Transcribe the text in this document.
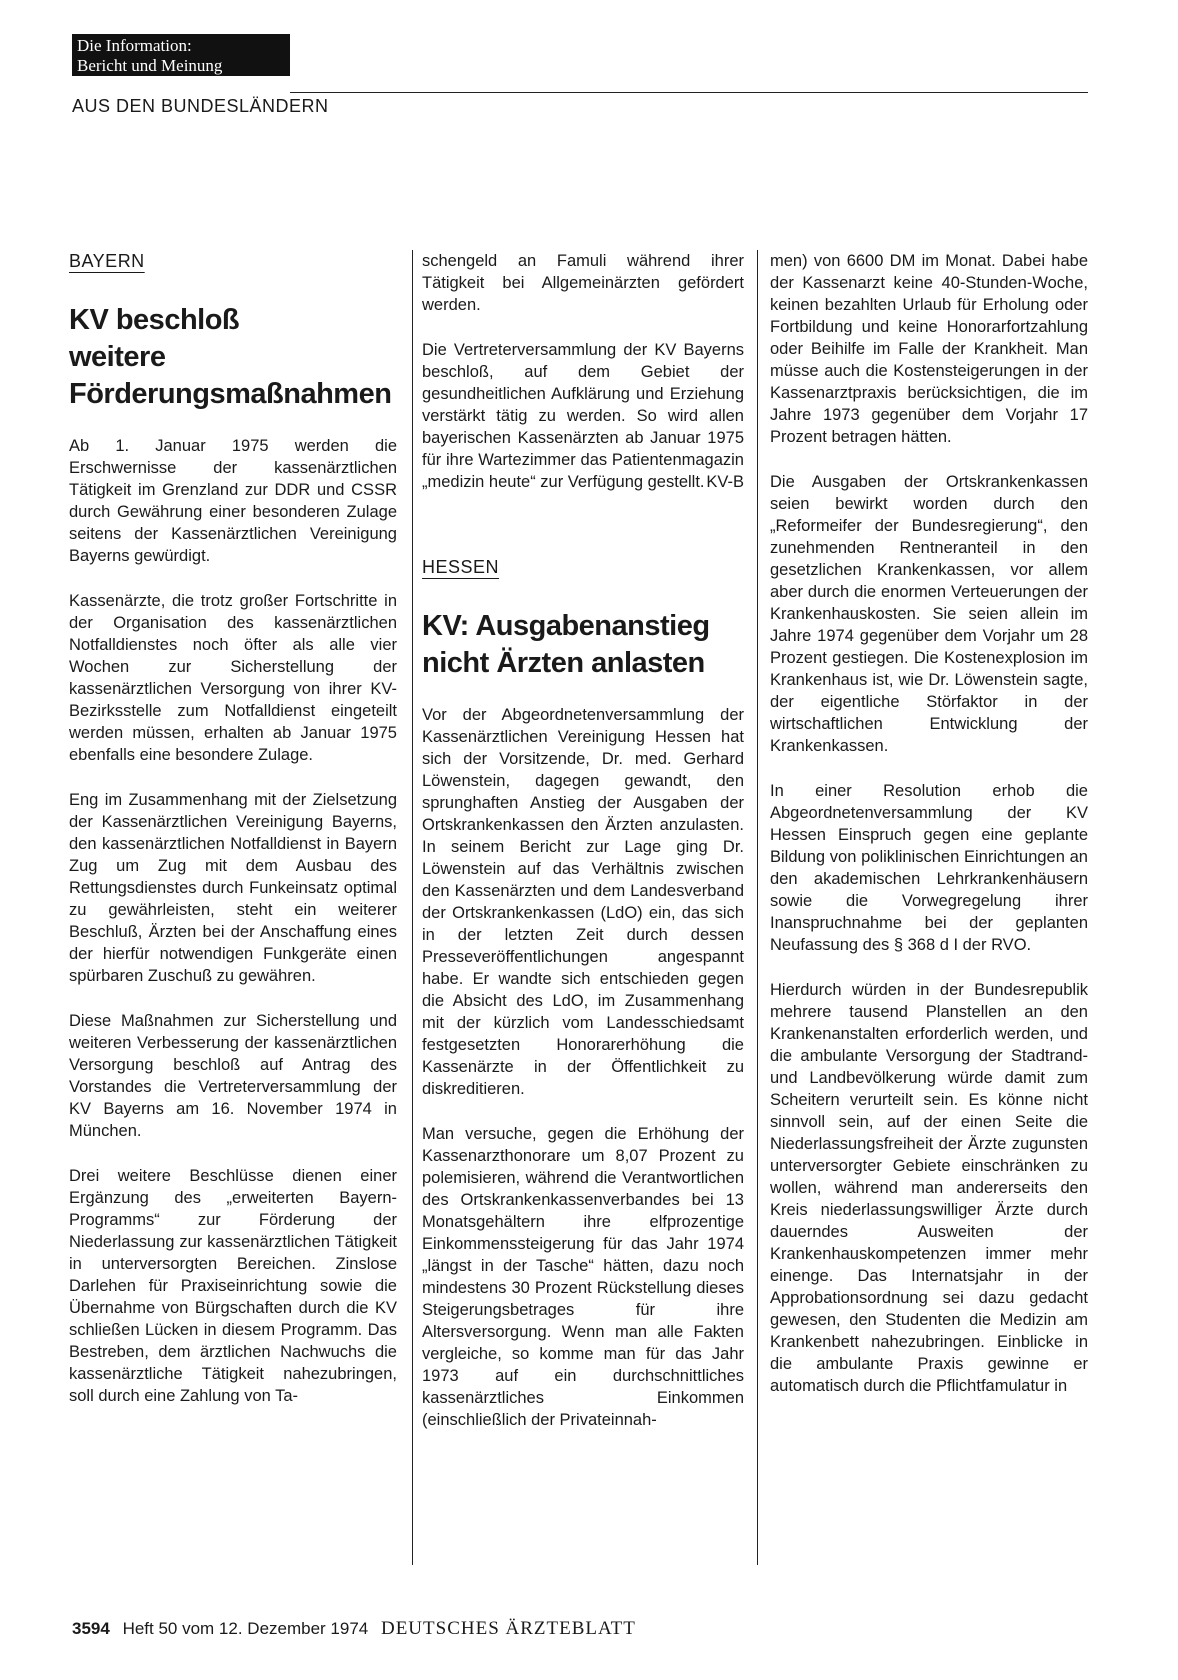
Die Information:
Bericht und Meinung
AUS DEN BUNDESLÄNDERN
BAYERN
KV beschloß
weitere
Förderungsmaßnahmen

Ab 1. Januar 1975 werden die Erschwernisse der kassenärztlichen Tätigkeit im Grenzland zur DDR und CSSR durch Gewährung einer besonderen Zulage seitens der Kassenärztlichen Vereinigung Bayerns gewürdigt.

Kassenärzte, die trotz großer Fortschritte in der Organisation des kassenärztlichen Notfalldienstes noch öfter als alle vier Wochen zur Sicherstellung der kassenärztlichen Versorgung von ihrer KV-Bezirksstelle zum Notfalldienst eingeteilt werden müssen, erhalten ab Januar 1975 ebenfalls eine besondere Zulage.

Eng im Zusammenhang mit der Zielsetzung der Kassenärztlichen Vereinigung Bayerns, den kassenärztlichen Notfalldienst in Bayern Zug um Zug mit dem Ausbau des Rettungsdienstes durch Funkeinsatz optimal zu gewährleisten, steht ein weiterer Beschluß, Ärzten bei der Anschaffung eines der hierfür notwendigen Funkgeräte einen spürbaren Zuschuß zu gewähren.

Diese Maßnahmen zur Sicherstellung und weiteren Verbesserung der kassenärztlichen Versorgung beschloß auf Antrag des Vorstandes die Vertreterversammlung der KV Bayerns am 16. November 1974 in München.

Drei weitere Beschlüsse dienen einer Ergänzung des „erweiterten Bayern-Programms“ zur Förderung der Niederlassung zur kassenärztlichen Tätigkeit in unterversorgten Bereichen. Zinslose Darlehen für Praxiseinrichtung sowie die Übernahme von Bürgschaften durch die KV schließen Lücken in diesem Programm. Das Bestreben, dem ärztlichen Nachwuchs die kassenärztliche Tätigkeit nahezubringen, soll durch eine Zahlung von Ta-

schengeld an Famuli während ihrer Tätigkeit bei Allgemeinärzten gefördert werden.

Die Vertreterversammlung der KV Bayerns beschloß, auf dem Gebiet der gesundheitlichen Aufklärung und Erziehung verstärkt tätig zu werden. So wird allen bayerischen Kassenärzten ab Januar 1975 für ihre Wartezimmer das Patientenmagazin „medizin heute“ zur Verfügung gestellt. KV-B

HESSEN
KV: Ausgabenanstieg
nicht Ärzten anlasten

Vor der Abgeordnetenversammlung der Kassenärztlichen Vereinigung Hessen hat sich der Vorsitzende, Dr. med. Gerhard Löwenstein, dagegen gewandt, den sprunghaften Anstieg der Ausgaben der Ortskrankenkassen den Ärzten anzulasten. In seinem Bericht zur Lage ging Dr. Löwenstein auf das Verhältnis zwischen den Kassenärzten und dem Landesverband der Ortskrankenkassen (LdO) ein, das sich in der letzten Zeit durch dessen Presseveröffentlichungen angespannt habe. Er wandte sich entschieden gegen die Absicht des LdO, im Zusammenhang mit der kürzlich vom Landesschiedsamt festgesetzten Honorarerhöhung die Kassenärzte in der Öffentlichkeit zu diskreditieren.

Man versuche, gegen die Erhöhung der Kassenarzthonorare um 8,07 Prozent zu polemisieren, während die Verantwortlichen des Ortskrankenkassenverbandes bei 13 Monatsgehältern ihre elfprozentige Einkommenssteigerung für das Jahr 1974 „längst in der Tasche“ hätten, dazu noch mindestens 30 Prozent Rückstellung dieses Steigerungsbetrages für ihre Altersversorgung. Wenn man alle Fakten vergleiche, so komme man für das Jahr 1973 auf ein durchschnittliches kassenärztliches Einkommen (einschließlich der Privateinnah-

men) von 6600 DM im Monat. Dabei habe der Kassenarzt keine 40-Stunden-Woche, keinen bezahlten Urlaub für Erholung oder Fortbildung und keine Honorarfortzahlung oder Beihilfe im Falle der Krankheit. Man müsse auch die Kostensteigerungen in der Kassenarztpraxis berücksichtigen, die im Jahre 1973 gegenüber dem Vorjahr 17 Prozent betragen hätten.

Die Ausgaben der Ortskrankenkassen seien bewirkt worden durch den „Reformeifer der Bundesregierung“, den zunehmenden Rentneranteil in den gesetzlichen Krankenkassen, vor allem aber durch die enormen Verteuerungen der Krankenhauskosten. Sie seien allein im Jahre 1974 gegenüber dem Vorjahr um 28 Prozent gestiegen. Die Kostenexplosion im Krankenhaus ist, wie Dr. Löwenstein sagte, der eigentliche Störfaktor in der wirtschaftlichen Entwicklung der Krankenkassen.

In einer Resolution erhob die Abgeordnetenversammlung der KV Hessen Einspruch gegen eine geplante Bildung von poliklinischen Einrichtungen an den akademischen Lehrkrankenhäusern sowie die Vorwegregelung ihrer Inanspruchnahme bei der geplanten Neufassung des § 368 d I der RVO.

Hierdurch würden in der Bundesrepublik mehrere tausend Planstellen an den Krankenanstalten erforderlich werden, und die ambulante Versorgung der Stadtrand- und Landbevölkerung würde damit zum Scheitern verurteilt sein. Es könne nicht sinnvoll sein, auf der einen Seite die Niederlassungsfreiheit der Ärzte zugunsten unterversorgter Gebiete einschränken zu wollen, während man andererseits den Kreis niederlassungswilliger Ärzte durch dauerndes Ausweiten der Krankenhauskompetenzen immer mehr einenge. Das Internatsjahr in der Approbationsordnung sei dazu gedacht gewesen, den Studenten die Medizin am Krankenbett nahezubringen. Einblicke in die ambulante Praxis gewinne er automatisch durch die Pflichtfamulatur in

3594 Heft 50 vom 12. Dezember 1974 DEUTSCHES ÄRZTEBLATT
